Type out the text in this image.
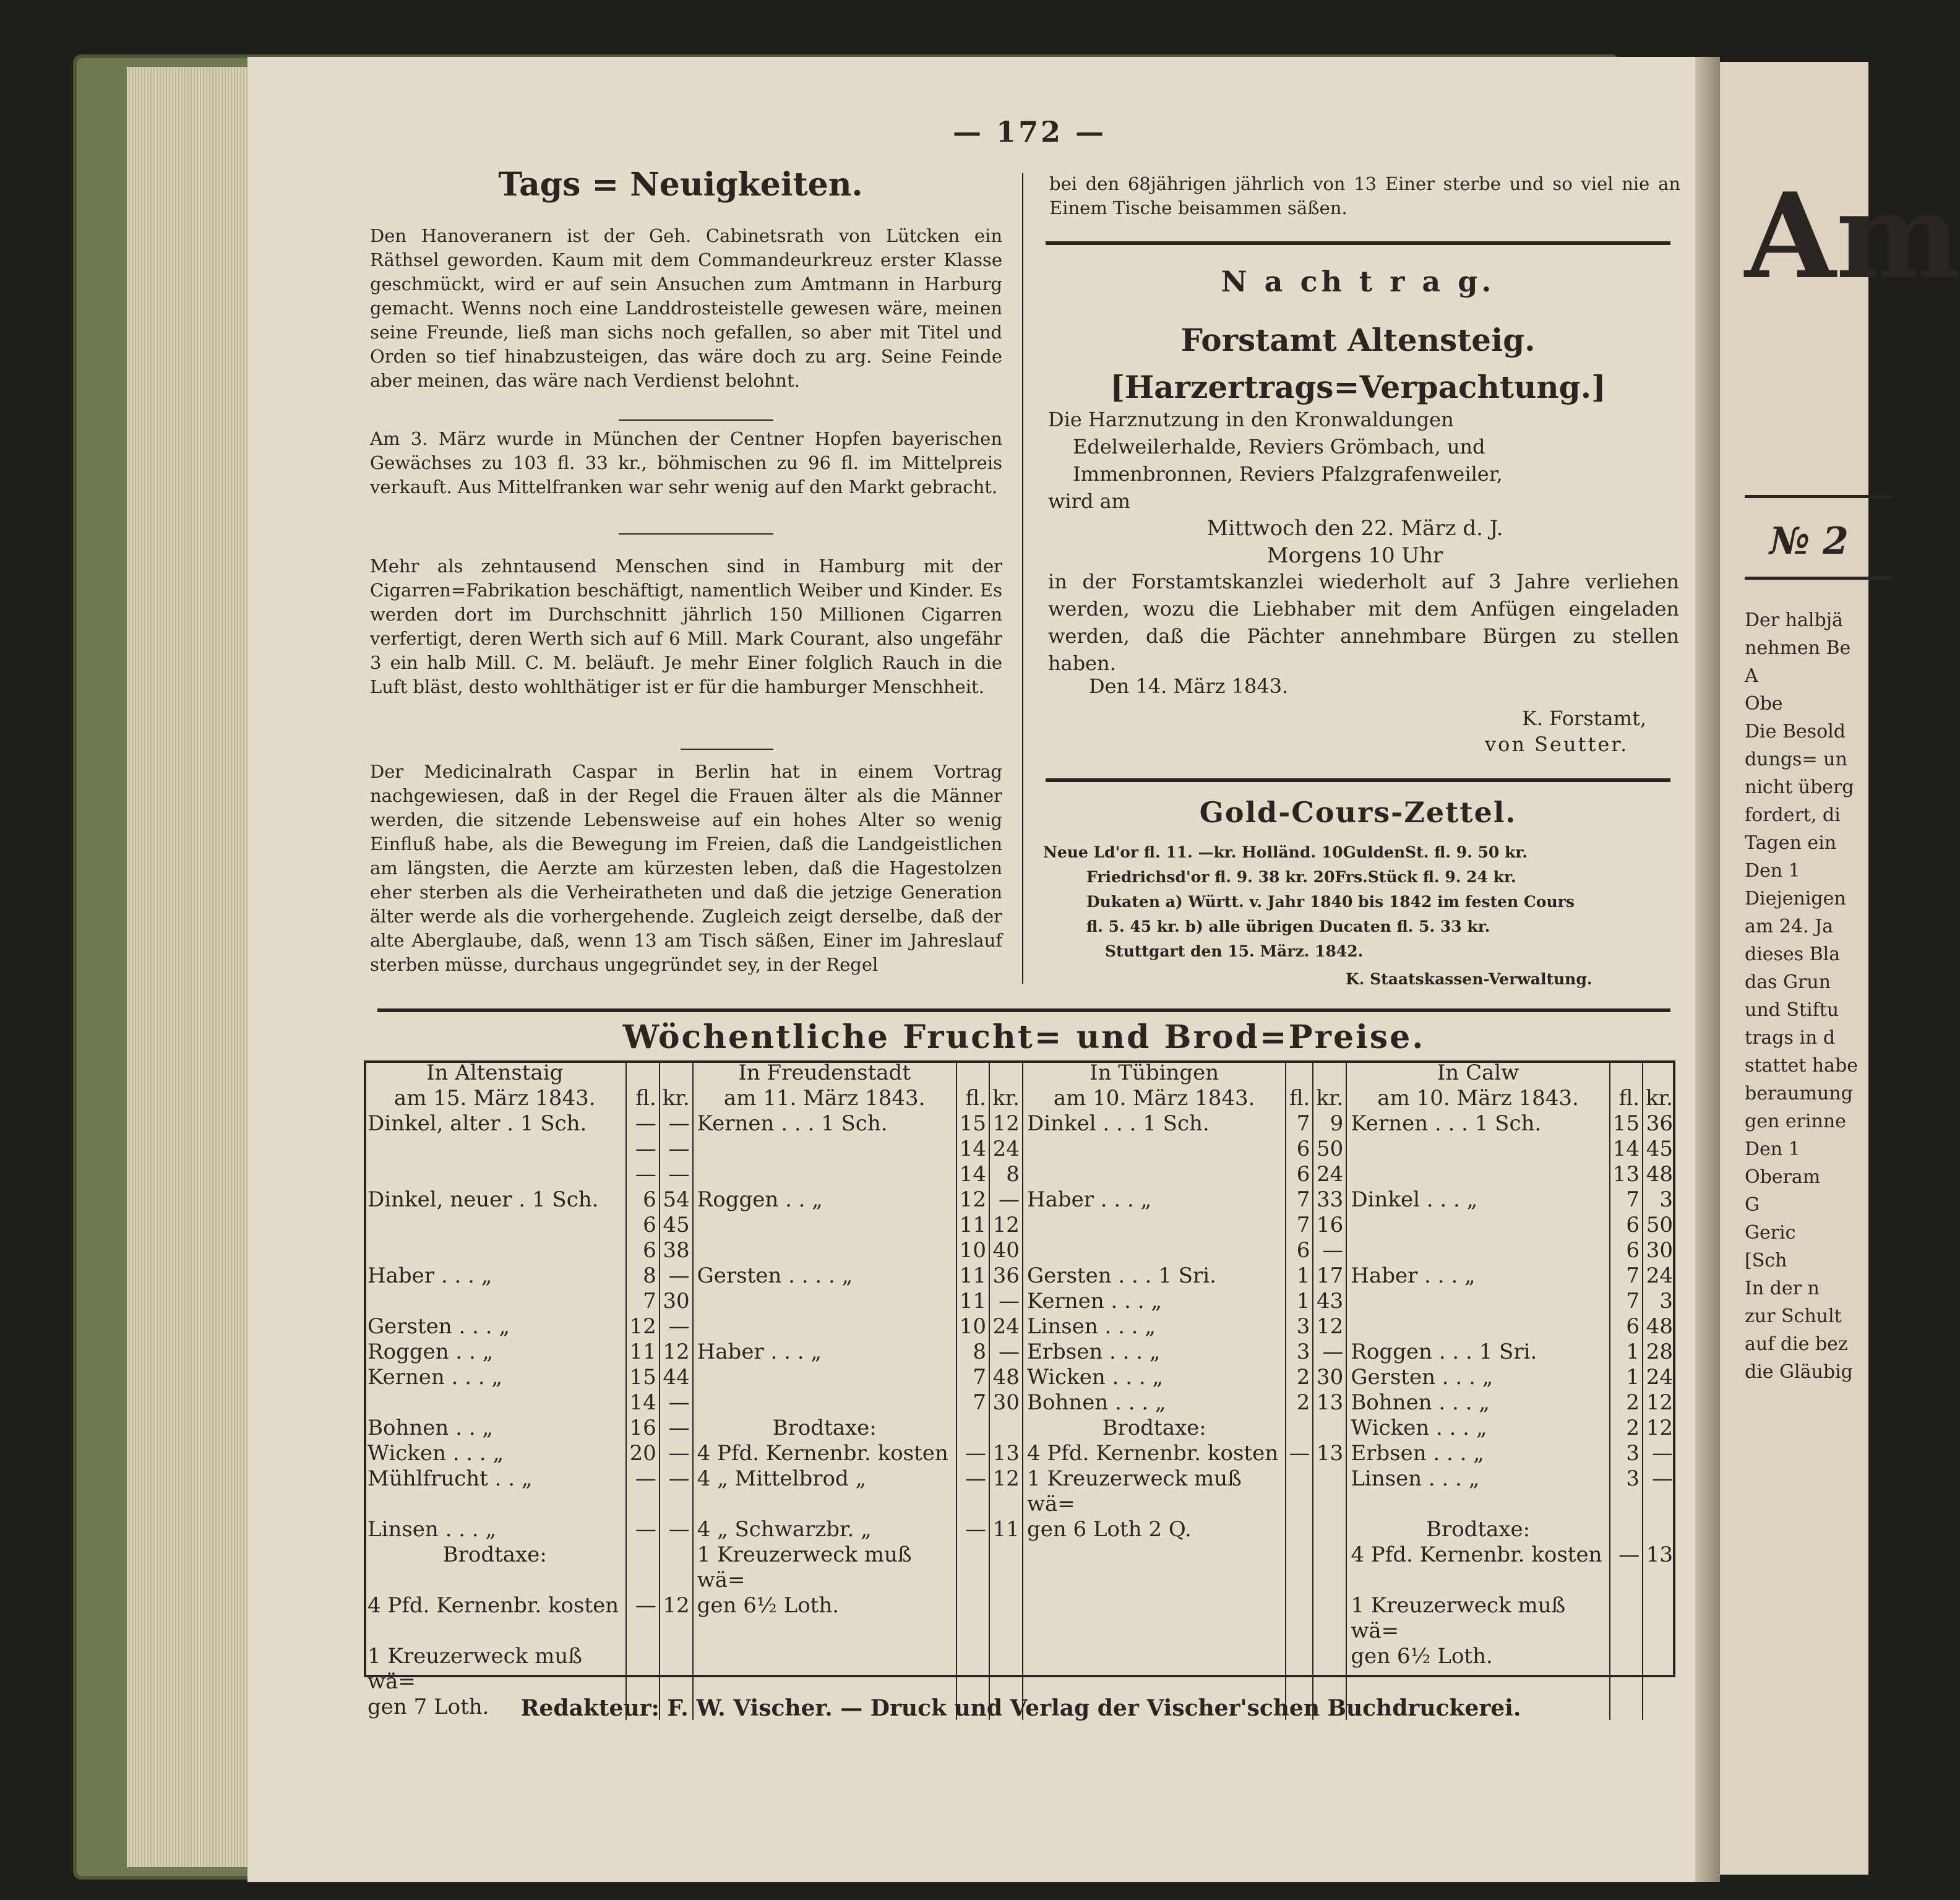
— 172 —
Tags = Neuigkeiten.
Den Hanoveranern ist der Geh. Cabinetsrath von Lütcken ein Räthsel geworden. Kaum mit dem Commandeurkreuz erster Klasse geschmückt, wird er auf sein Ansuchen zum Amtmann in Harburg gemacht. Wenns noch eine Landdrosteistelle gewesen wäre, meinen seine Freunde, ließ man sichs noch gefallen, so aber mit Titel und Orden so tief hinabzusteigen, das wäre doch zu arg. Seine Feinde aber meinen, das wäre nach Verdienst belohnt.
Am 3. März wurde in München der Centner Hopfen bayerischen Gewächses zu 103 fl. 33 kr., böhmischen zu 96 fl. im Mittelpreis verkauft. Aus Mittelfranken war sehr wenig auf den Markt gebracht.
Mehr als zehntausend Menschen sind in Hamburg mit der Cigarren=Fabrikation beschäftigt, namentlich Weiber und Kinder. Es werden dort im Durchschnitt jährlich 150 Millionen Cigarren verfertigt, deren Werth sich auf 6 Mill. Mark Courant, also ungefähr 3 ein halb Mill. C. M. beläuft. Je mehr Einer folglich Rauch in die Luft bläst, desto wohlthätiger ist er für die hamburger Menschheit.
Der Medicinalrath Caspar in Berlin hat in einem Vortrag nachgewiesen, daß in der Regel die Frauen älter als die Männer werden, die sitzende Lebensweise auf ein hohes Alter so wenig Einfluß habe, als die Bewegung im Freien, daß die Landgeistlichen am längsten, die Aerzte am kürzesten leben, daß die Hagestolzen eher sterben als die Verheiratheten und daß die jetzige Generation älter werde als die vorhergehende. Zugleich zeigt derselbe, daß der alte Aberglaube, daß, wenn 13 am Tisch säßen, Einer im Jahreslauf sterben müsse, durchaus ungegründet sey, in der Regel
bei den 68jährigen jährlich von 13 Einer sterbe und so viel nie an Einem Tische beisammen säßen.
N a ch t r a g.
Forstamt Altensteig.
[Harzertrags=Verpachtung.]
Die Harznutzung in den Kronwaldungen
Edelweilerhalde, Reviers Grömbach, und
Immenbronnen, Reviers Pfalzgrafenweiler,
wird am
Mittwoch den 22. März d. J.
Morgens 10 Uhr
in der Forstamtskanzlei wiederholt auf 3 Jahre verliehen werden, wozu die Liebhaber mit dem Anfügen eingeladen werden, daß die Pächter annehmbare Bürgen zu stellen haben.
Den 14. März 1843.
K. Forstamt,
von Seutter.
Gold-Cours-Zettel.
Neue Ld'or fl. 11. —kr. Holländ. 10GuldenSt. fl. 9. 50 kr.
Friedrichsd'or fl. 9. 38 kr. 20Frs.Stück fl. 9. 24 kr.
Dukaten a) Württ. v. Jahr 1840 bis 1842 im festen Cours
fl. 5. 45 kr. b) alle übrigen Ducaten fl. 5. 33 kr.
Stuttgart den 15. März. 1842.
K. Staatskassen-Verwaltung.
Wöchentliche Frucht= und Brod=Preise.
In Altenstaig			In Freudenstadt			In Tübingen			In Calw		
am 15. März 1843.	fl.	kr.	am 11. März 1843.	fl.	kr.	am 10. März 1843.	fl.	kr.	am 10. März 1843.	fl.	kr.
Dinkel, alter . 1 Sch.	—	—	Kernen . . . 1 Sch.	15	12	Dinkel . . . 1 Sch.	7	9	Kernen . . . 1 Sch.	15	36
	—	—		14	24		6	50		14	45
	—	—		14	8		6	24		13	48
Dinkel, neuer . 1 Sch.	6	54	Roggen . . „	12	—	Haber . . . „	7	33	Dinkel . . . „	7	3
	6	45		11	12		7	16		6	50
	6	38		10	40		6	—		6	30
Haber . . . „	8	—	Gersten . . . . „	11	36	Gersten . . . 1 Sri.	1	17	Haber . . . „	7	24
	7	30		11	—	Kernen . . . „	1	43		7	3
Gersten . . . „	12	—		10	24	Linsen . . . „	3	12		6	48
Roggen . . „	11	12	Haber . . . „	8	—	Erbsen . . . „	3	—	Roggen . . . 1 Sri.	1	28
Kernen . . . „	15	44		7	48	Wicken . . . „	2	30	Gersten . . . „	1	24
	14	—		7	30	Bohnen . . . „	2	13	Bohnen . . . „	2	12
Bohnen . . „	16	—	Brodtaxe:			Brodtaxe:			Wicken . . . „	2	12
Wicken . . . „	20	—	4 Pfd. Kernenbr. kosten	—	13	4 Pfd. Kernenbr. kosten	—	13	Erbsen . . . „	3	—
Mühlfrucht . . „	—	—	4 „ Mittelbrod „	—	12	1 Kreuzerweck muß wä=			Linsen . . . „	3	—
Linsen . . . „	—	—	4 „ Schwarzbr. „	—	11	gen 6 Loth 2 Q.			Brodtaxe:		
Brodtaxe:			1 Kreuzerweck muß wä=						4 Pfd. Kernenbr. kosten	—	13
4 Pfd. Kernenbr. kosten	—	12	gen 6½ Loth.						1 Kreuzerweck muß wä=		
1 Kreuzerweck muß wä=									gen 6½ Loth.		
gen 7 Loth.												Redakteur: F. W. Vischer. — Druck und Verlag der Vischer'schen Buchdruckerei.
Am
№ 2
Der halbjä
nehmen Be
A
Obe
Die Besold
dungs= un
nicht überg
fordert, di
Tagen ein
Den 1
Diejenigen
am 24. Ja
dieses Bla
das Grun
und Stiftu
trags in d
stattet habe
beraumung
gen erinne
Den 1
Oberam
G
Geric
[Sch
In der n
zur Schult
auf die bez
die Gläubig
